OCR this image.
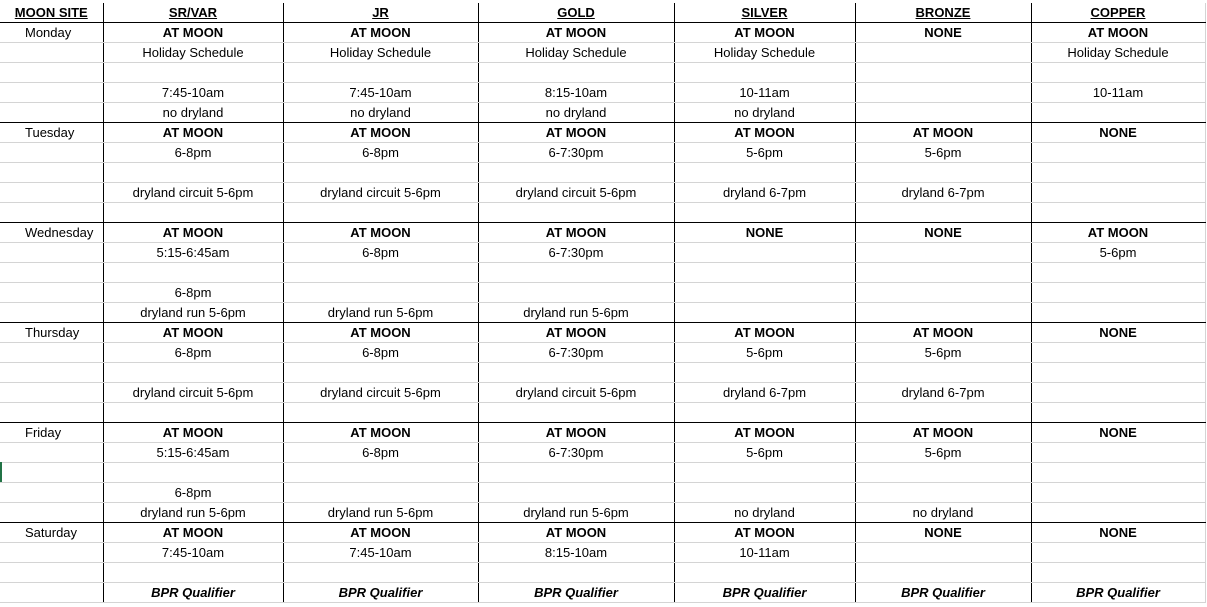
MOON SITE	SR/VAR	JR	GOLD	SILVER	BRONZE	COPPER
Monday	AT MOON	AT MOON	AT MOON	AT MOON	NONE	AT MOON
	Holiday Schedule	Holiday Schedule	Holiday Schedule	Holiday Schedule		Holiday Schedule

	7:45-10am	7:45-10am	8:15-10am	10-11am		10-11am
	no dryland	no dryland	no dryland	no dryland		
Tuesday	AT MOON	AT MOON	AT MOON	AT MOON	AT MOON	NONE
	6-8pm	6-8pm	6-7:30pm	5-6pm	5-6pm	

	dryland circuit 5-6pm	dryland circuit 5-6pm	dryland circuit 5-6pm	dryland 6-7pm	dryland 6-7pm	

Wednesday	AT MOON	AT MOON	AT MOON	NONE	NONE	AT MOON
	5:15-6:45am	6-8pm	6-7:30pm			5-6pm

	6-8pm					
	dryland run 5-6pm	dryland run 5-6pm	dryland run 5-6pm			
Thursday	AT MOON	AT MOON	AT MOON	AT MOON	AT MOON	NONE
	6-8pm	6-8pm	6-7:30pm	5-6pm	5-6pm	

	dryland circuit 5-6pm	dryland circuit 5-6pm	dryland circuit 5-6pm	dryland 6-7pm	dryland 6-7pm	

Friday	AT MOON	AT MOON	AT MOON	AT MOON	AT MOON	NONE
	5:15-6:45am	6-8pm	6-7:30pm	5-6pm	5-6pm	

	6-8pm					
	dryland run 5-6pm	dryland run 5-6pm	dryland run 5-6pm	no dryland	no dryland	
Saturday	AT MOON	AT MOON	AT MOON	AT MOON	NONE	NONE
	7:45-10am	7:45-10am	8:15-10am	10-11am		

	BPR Qualifier	BPR Qualifier	BPR Qualifier	BPR Qualifier	BPR Qualifier	BPR Qualifier
